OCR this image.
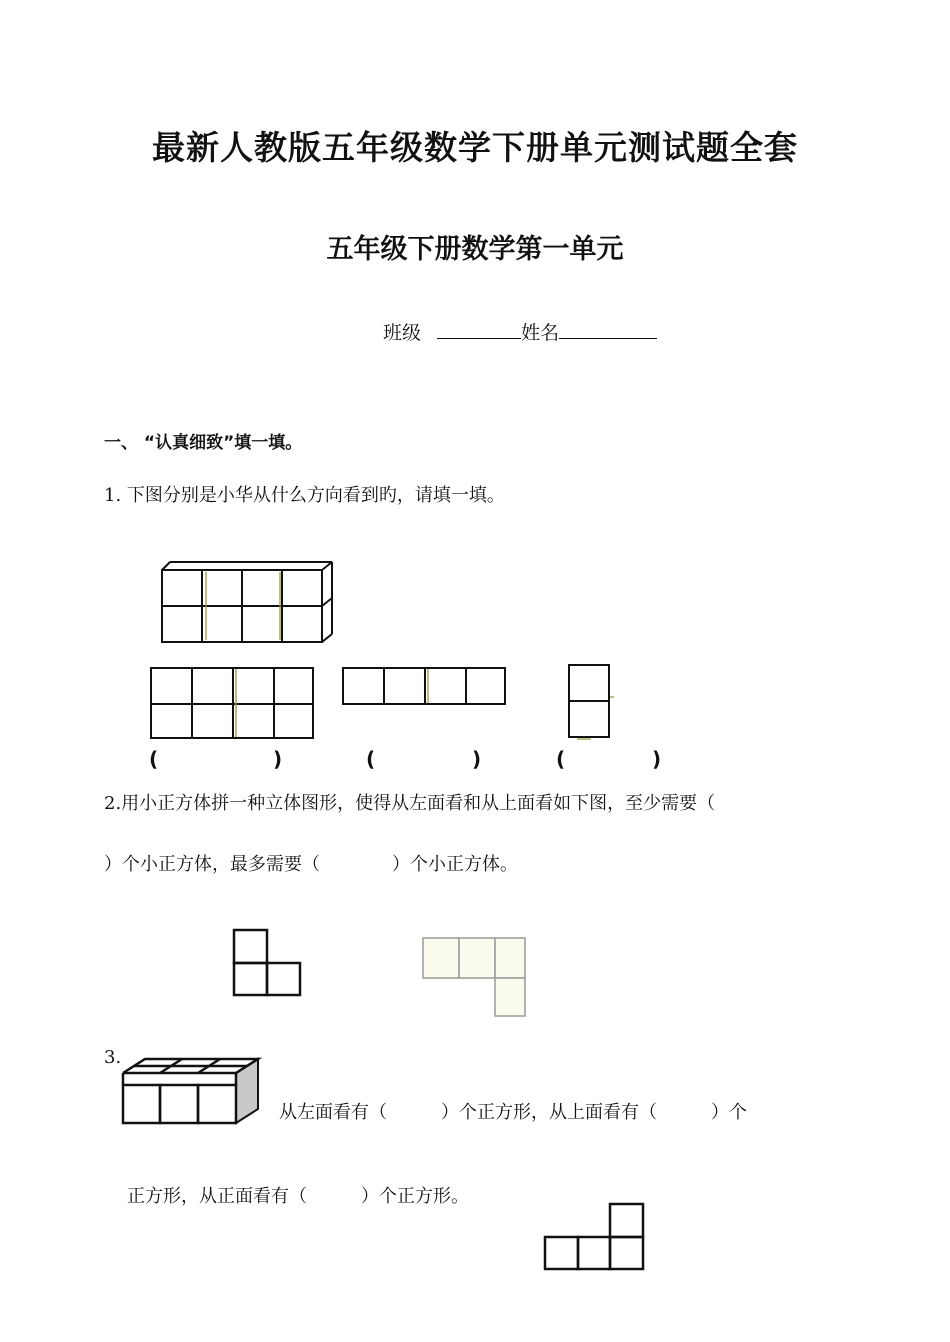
最新人教版五年级数学下册单元测试题全套
五年级下册数学第一单元
班级	姓名
一、 “认真细致”填一填。
1. 下图分别是小华从什么方向看到旳，请填一填。
(	)	(	)	(	)
2.用小正方体拼一种立体图形，使得从左面看和从上面看如下图，至少需要（
）个小正方体，最多需要（　　　　）个小正方体。
3.
从左面看有（　　　）个正方形，从上面看有（　　　）个
正方形，从正面看有（　　　）个正方形。
